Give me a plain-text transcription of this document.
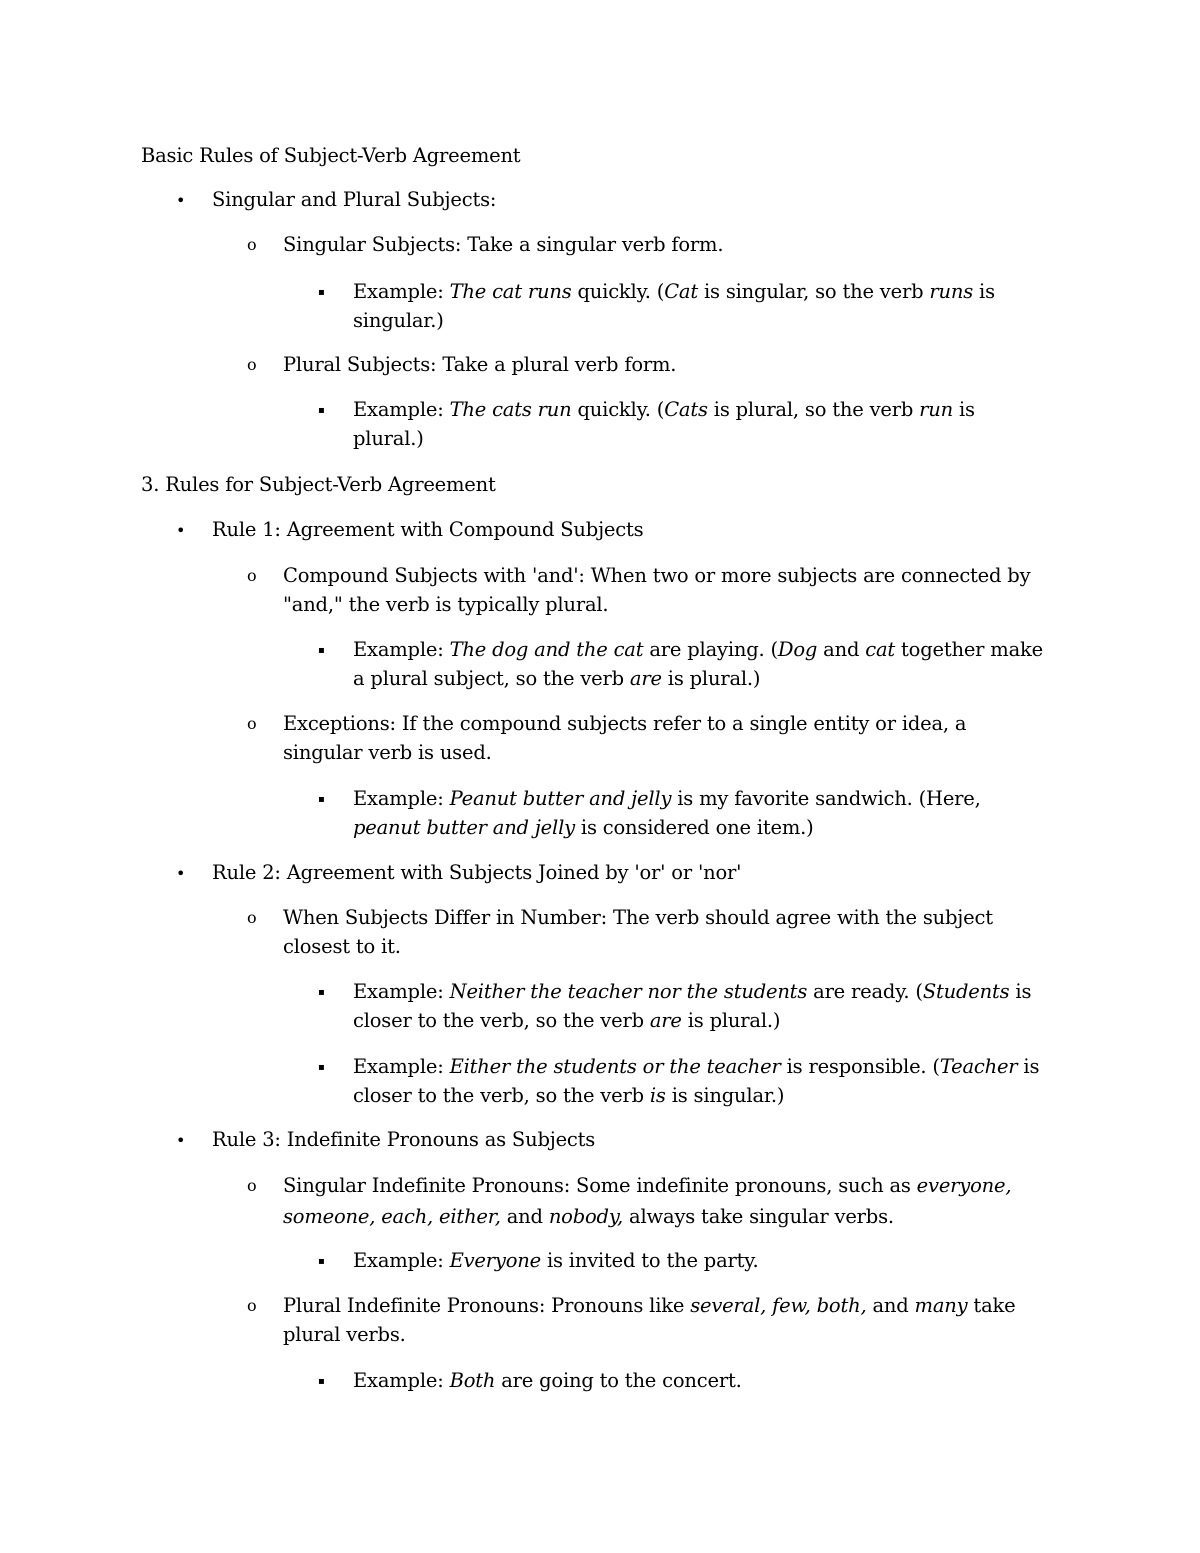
Basic Rules of Subject-Verb Agreement
• Singular and Plural Subjects:
o Singular Subjects: Take a singular verb form.
▪ Example: The cat runs quickly. (Cat is singular, so the verb runs is
singular.)
o Plural Subjects: Take a plural verb form.
▪ Example: The cats run quickly. (Cats is plural, so the verb run is
plural.)
3. Rules for Subject-Verb Agreement
• Rule 1: Agreement with Compound Subjects
o Compound Subjects with 'and': When two or more subjects are connected by
"and," the verb is typically plural.
▪ Example: The dog and the cat are playing. (Dog and cat together make
a plural subject, so the verb are is plural.)
o Exceptions: If the compound subjects refer to a single entity or idea, a
singular verb is used.
▪ Example: Peanut butter and jelly is my favorite sandwich. (Here,
peanut butter and jelly is considered one item.)
• Rule 2: Agreement with Subjects Joined by 'or' or 'nor'
o When Subjects Differ in Number: The verb should agree with the subject
closest to it.
▪ Example: Neither the teacher nor the students are ready. (Students is
closer to the verb, so the verb are is plural.)
▪ Example: Either the students or the teacher is responsible. (Teacher is
closer to the verb, so the verb is is singular.)
• Rule 3: Indefinite Pronouns as Subjects
o Singular Indefinite Pronouns: Some indefinite pronouns, such as everyone,
someone, each, either, and nobody, always take singular verbs.
▪ Example: Everyone is invited to the party.
o Plural Indefinite Pronouns: Pronouns like several, few, both, and many take
plural verbs.
▪ Example: Both are going to the concert.
